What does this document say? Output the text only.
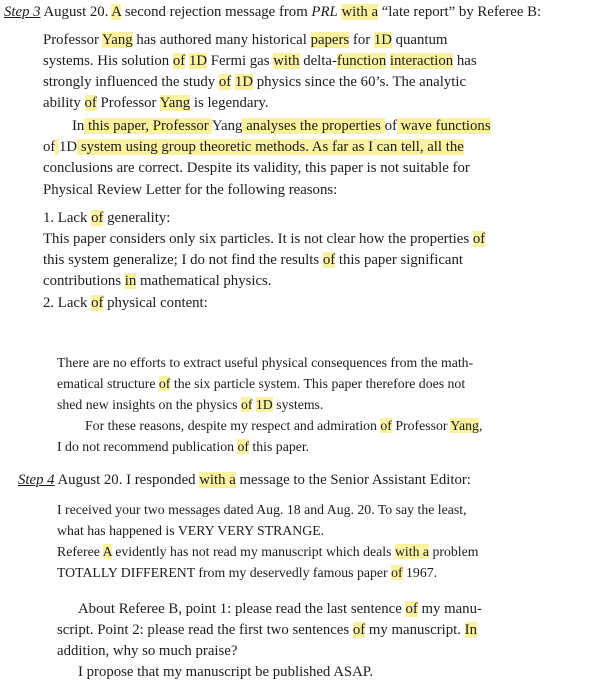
Step 3 August 20. A second rejection message from PRL with a “late report” by Referee B:
Professor Yang has authored many historical papers for 1D quantum
systems. His solution of 1D Fermi gas with delta-function interaction has
strongly influenced the study of 1D physics since the 60’s. The analytic
ability of Professor Yang is legendary.
In this paper, Professor Yang analyses the properties of wave functions
of 1D system using group theoretic methods. As far as I can tell, all the
conclusions are correct. Despite its validity, this paper is not suitable for
Physical Review Letter for the following reasons:
1. Lack of generality:
This paper considers only six particles. It is not clear how the properties of
this system generalize; I do not find the results of this paper significant
contributions in mathematical physics.
2. Lack of physical content:
There are no efforts to extract useful physical consequences from the math-
ematical structure of the six particle system. This paper therefore does not
shed new insights on the physics of 1D systems.
For these reasons, despite my respect and admiration of Professor Yang,
I do not recommend publication of this paper.
Step 4 August 20. I responded with a message to the Senior Assistant Editor:
I received your two messages dated Aug. 18 and Aug. 20. To say the least,
what has happened is VERY VERY STRANGE.
Referee A evidently has not read my manuscript which deals with a problem
TOTALLY DIFFERENT from my deservedly famous paper of 1967.
About Referee B, point 1: please read the last sentence of my manu-
script. Point 2: please read the first two sentences of my manuscript. In
addition, why so much praise?
I propose that my manuscript be published ASAP.
